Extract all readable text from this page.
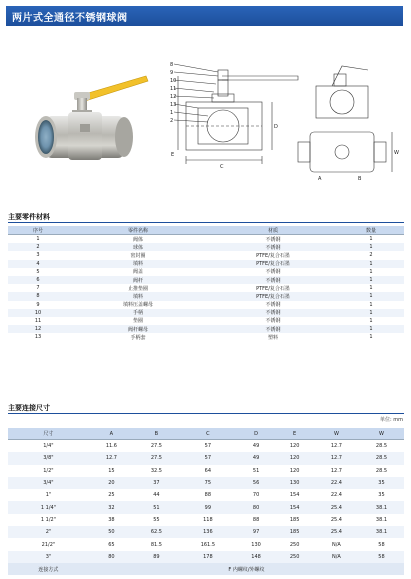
两片式全通径不锈钢球阀
8
9
10
11
12
13
1
2
C
D
E	W
A	B
主要零件材料
序号	零件名称	材质	数量
1	阀体	不锈钢	1
2	球体	不锈钢	1
3	密封圈	PTFE/复合石墨	2
4	填料	PTFE/复合石墨	1
5	阀盖	不锈钢	1
6	阀杆	不锈钢	1
7	止推垫圈	PTFE/复合石墨	1
8	填料	PTFE/复合石墨	1
9	填料压盖螺母	不锈钢	1
10	手柄	不锈钢	1
11	垫圈	不锈钢	1
12	阀杆螺母	不锈钢	1
13	手柄套	塑料	1
主要连接尺寸
单位: mm
尺寸	A	B	C	D	E	W	W
1/4"	11.6	27.5	57	49	120	12.7	28.5
3/8"	12.7	27.5	57	49	120	12.7	28.5
1/2"	15	32.5	64	51	120	12.7	28.5
3/4"	20	37	75	56	130	22.4	35
1"	25	44	88	70	154	22.4	35
1 1/4"	32	51	99	80	154	25.4	38.1
1 1/2"	38	55	118	88	185	25.4	38.1
2"	50	62.5	136	97	185	25.4	38.1
21/2"	65	81.5	161.5	130	250	N/A	58
3"	80	89	178	148	250	N/A	58
连接方式	F 内螺纹/外螺纹						
